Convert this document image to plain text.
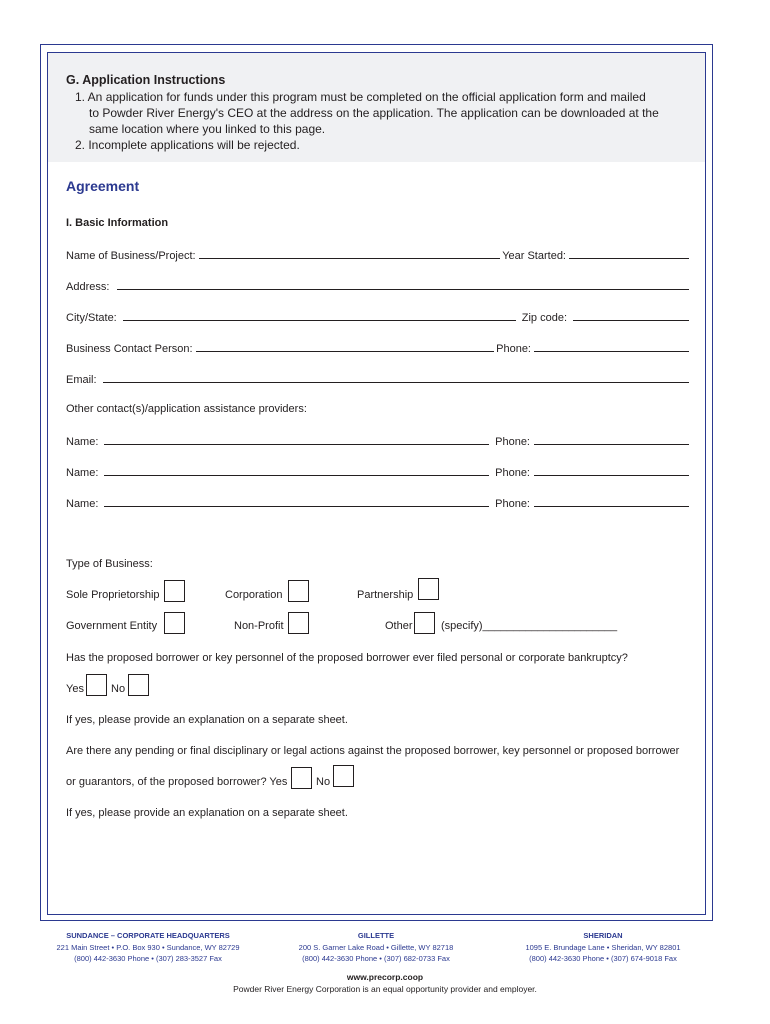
G. Application Instructions
1. An application for funds under this program must be completed on the official application form and mailed
to Powder River Energy's CEO at the address on the application. The application can be downloaded at the
same location where you linked to this page.
2. Incomplete applications will be rejected.
Agreement
I. Basic Information
Name of Business/Project:	Year Started:
Address:
City/State:	Zip code:
Business Contact Person:	Phone:
Email:
Other contact(s)/application assistance providers:
Name:	Phone:
Name:	Phone:
Name:	Phone:
Type of Business:
Sole Proprietorship	Corporation	Partnership
Government Entity	Non-Profit	Other	(specify)______________________
Has the proposed borrower or key personnel of the proposed borrower ever filed personal or corporate bankruptcy?
Yes No
If yes, please provide an explanation on a separate sheet.
Are there any pending or final disciplinary or legal actions against the proposed borrower, key personnel or proposed borrower
or guarantors, of the proposed borrower? Yes	No
If yes, please provide an explanation on a separate sheet.
SUNDANCE – CORPORATE HEADQUARTERS
221 Main Street • P.O. Box 930 • Sundance, WY 82729
(800) 442-3630 Phone • (307) 283-3527 Fax
GILLETTE
200 S. Garner Lake Road • Gillette, WY 82718
(800) 442-3630 Phone • (307) 682-0733 Fax
SHERIDAN
1095 E. Brundage Lane • Sheridan, WY 82801
(800) 442-3630 Phone • (307) 674-9018 Fax
www.precorp.coop
Powder River Energy Corporation is an equal opportunity provider and employer.
